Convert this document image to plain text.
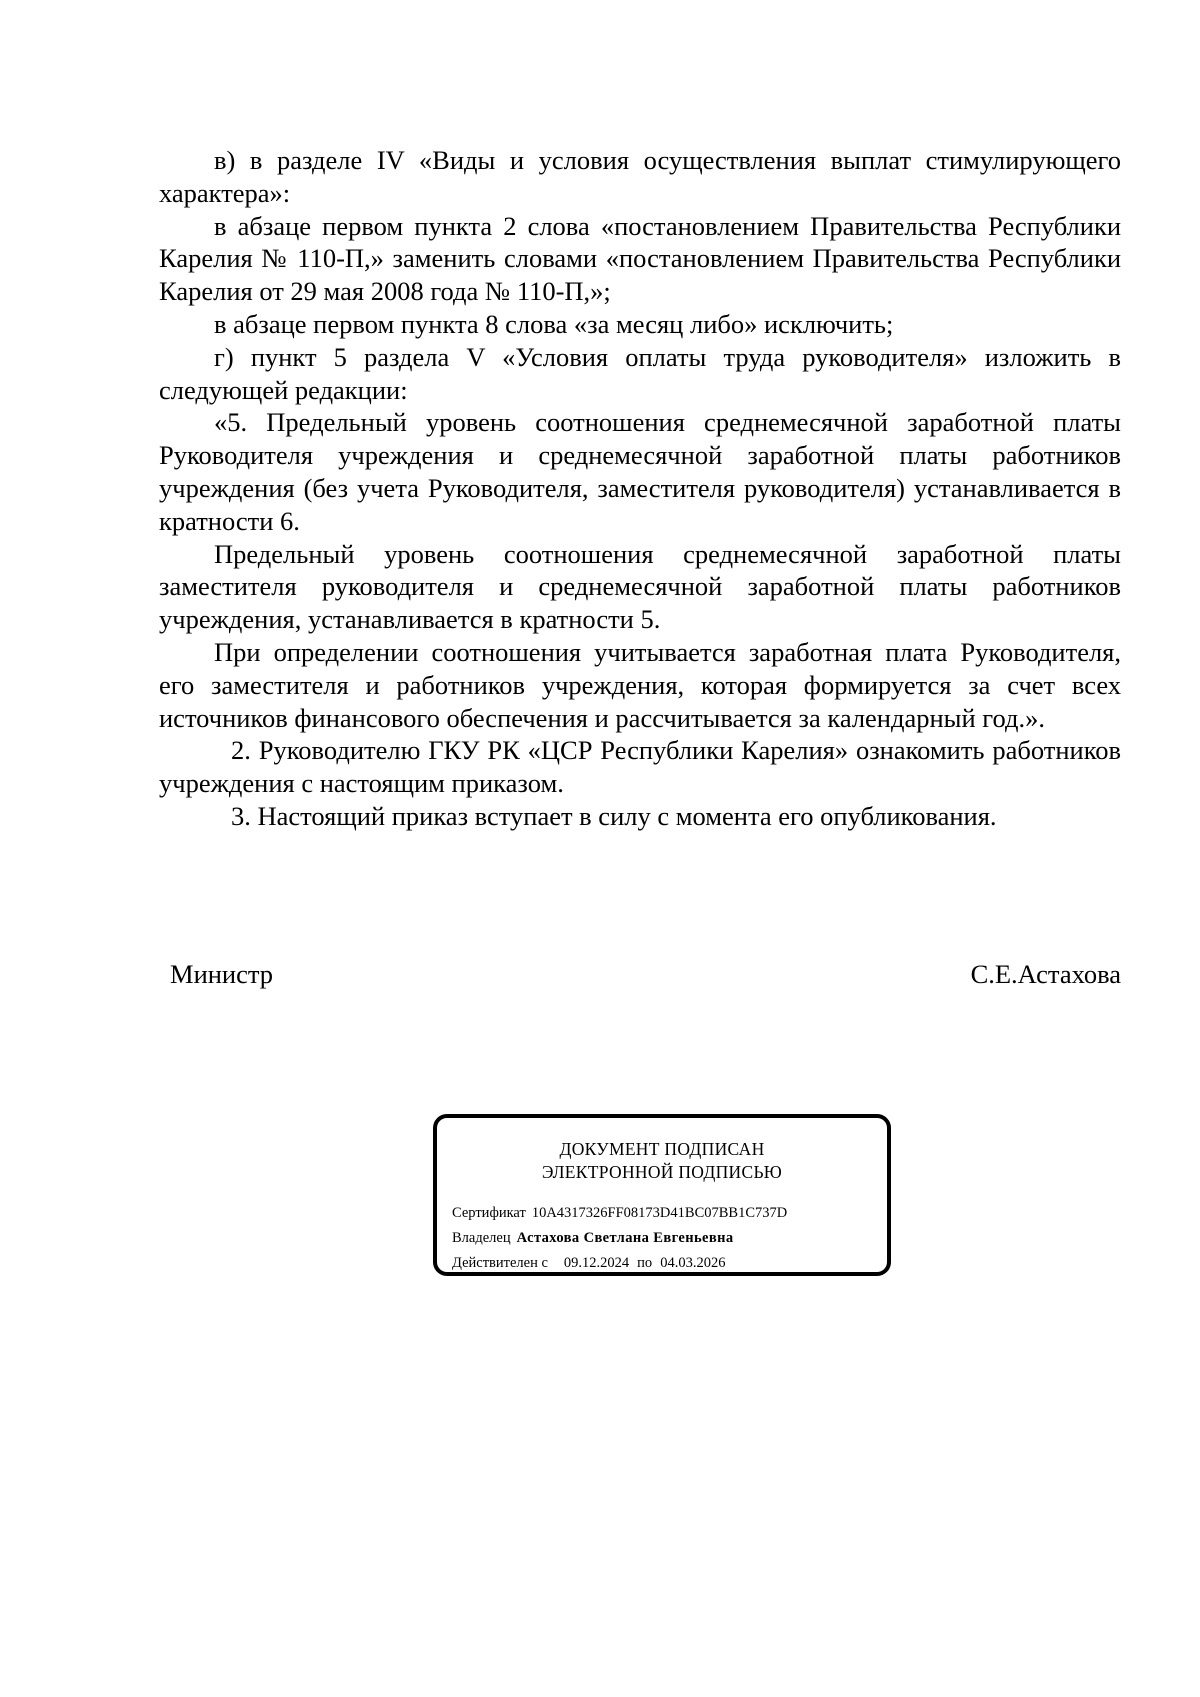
в) в разделе IV «Виды и условия осуществления выплат стимулирующего характера»:

в абзаце первом пункта 2 слова «постановлением Правительства Республики Карелия № 110-П,» заменить словами «постановлением Правительства Республики Карелия от 29 мая 2008 года № 110-П,»;

в абзаце первом пункта 8 слова «за месяц либо» исключить;

г) пункт 5 раздела V «Условия оплаты труда руководителя» изложить в следующей редакции:

«5. Предельный уровень соотношения среднемесячной заработной платы Руководителя учреждения и среднемесячной заработной платы работников учреждения (без учета Руководителя, заместителя руководителя) устанавливается в кратности 6.

Предельный уровень соотношения среднемесячной заработной платы заместителя руководителя и среднемесячной заработной платы работников учреждения, устанавливается в кратности 5.

При определении соотношения учитывается заработная плата Руководителя, его заместителя и работников учреждения, которая формируется за счет всех источников финансового обеспечения и рассчитывается за календарный год.».

2. Руководителю ГКУ РК «ЦСР Республики Карелия» ознакомить работников учреждения с настоящим приказом.

3. Настоящий приказ вступает в силу с момента его опубликования.

Министр	С.Е.Астахова
ДОКУМЕНТ ПОДПИСАН
ЭЛЕКТРОННОЙ ПОДПИСЬЮ
Сертификат 10A4317326FF08173D41BC07BB1C737D
Владелец Астахова Светлана Евгеньевна
Действителен с 09.12.2024 по 04.03.2026
